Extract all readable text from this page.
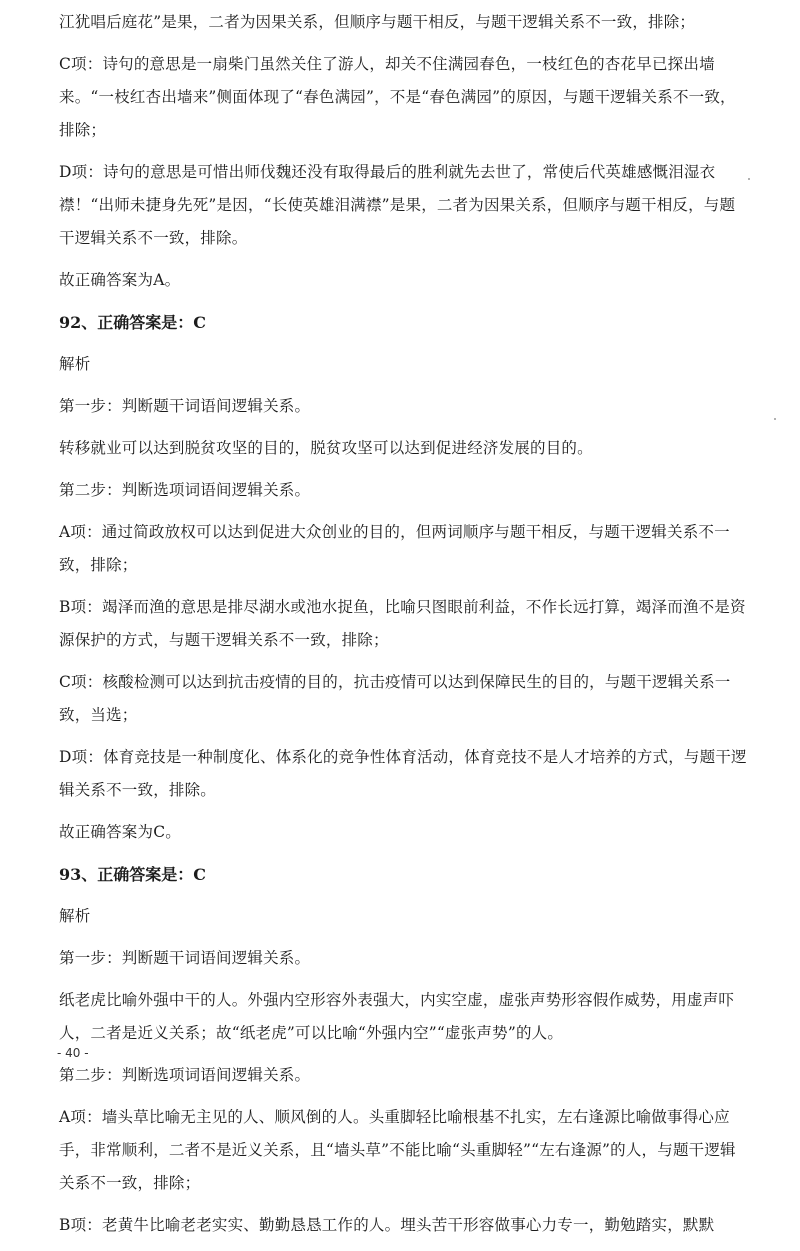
江犹唱后庭花”是果，二者为因果关系，但顺序与题干相反，与题干逻辑关系不一致，排除；

C项：诗句的意思是一扇柴门虽然关住了游人，却关不住满园春色，一枝红色的杏花早已探出墙来。“一枝红杏出墙来”侧面体现了“春色满园”，不是“春色满园”的原因，与题干逻辑关系不一致，排除；

D项：诗句的意思是可惜出师伐魏还没有取得最后的胜利就先去世了，常使后代英雄感慨泪湿衣襟！“出师未捷身先死”是因，“长使英雄泪满襟”是果，二者为因果关系，但顺序与题干相反，与题干逻辑关系不一致，排除。

故正确答案为A。

92、正确答案是：C

解析

第一步：判断题干词语间逻辑关系。

转移就业可以达到脱贫攻坚的目的，脱贫攻坚可以达到促进经济发展的目的。

第二步：判断选项词语间逻辑关系。

A项：通过简政放权可以达到促进大众创业的目的，但两词顺序与题干相反，与题干逻辑关系不一致，排除；

B项：竭泽而渔的意思是排尽湖水或池水捉鱼，比喻只图眼前利益，不作长远打算，竭泽而渔不是资源保护的方式，与题干逻辑关系不一致，排除；

C项：核酸检测可以达到抗击疫情的目的，抗击疫情可以达到保障民生的目的，与题干逻辑关系一致，当选；

D项：体育竞技是一种制度化、体系化的竞争性体育活动，体育竞技不是人才培养的方式，与题干逻辑关系不一致，排除。

故正确答案为C。

93、正确答案是：C

解析

第一步：判断题干词语间逻辑关系。

纸老虎比喻外强中干的人。外强内空形容外表强大，内实空虚，虚张声势形容假作威势，用虚声吓人，二者是近义关系；故“纸老虎”可以比喻“外强内空”“虚张声势”的人。

第二步：判断选项词语间逻辑关系。

A项：墙头草比喻无主见的人、顺风倒的人。头重脚轻比喻根基不扎实，左右逢源比喻做事得心应手，非常顺利，二者不是近义关系，且“墙头草”不能比喻“头重脚轻”“左右逢源”的人，与题干逻辑关系不一致，排除；

B项：老黄牛比喻老老实实、勤勤恳恳工作的人。埋头苦干形容做事心力专一，勤勉踏实，默默

- 40 -
